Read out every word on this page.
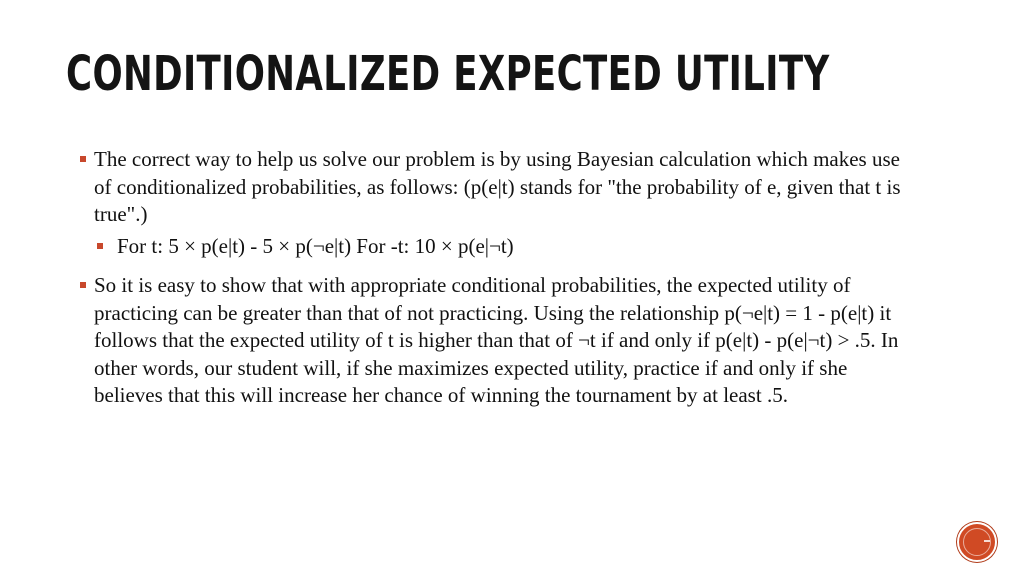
CONDITIONALIZED EXPECTED UTILITY
The correct way to help us solve our problem is by using Bayesian calculation which makes use of conditionalized probabilities, as follows: (p(e|t) stands for "the probability of e, given that t is true".)
For t: 5 × p(e|t) - 5 × p(¬e|t) For -t: 10 × p(e|¬t)
So it is easy to show that with appropriate conditional probabilities, the expected utility of practicing can be greater than that of not practicing. Using the relationship p(¬e|t) = 1 - p(e|t) it follows that the expected utility of t is higher than that of ¬t if and only if p(e|t) - p(e|¬t) > .5. In other words, our student will, if she maximizes expected utility, practice if and only if she believes that this will increase her chance of winning the tournament by at least .5.
